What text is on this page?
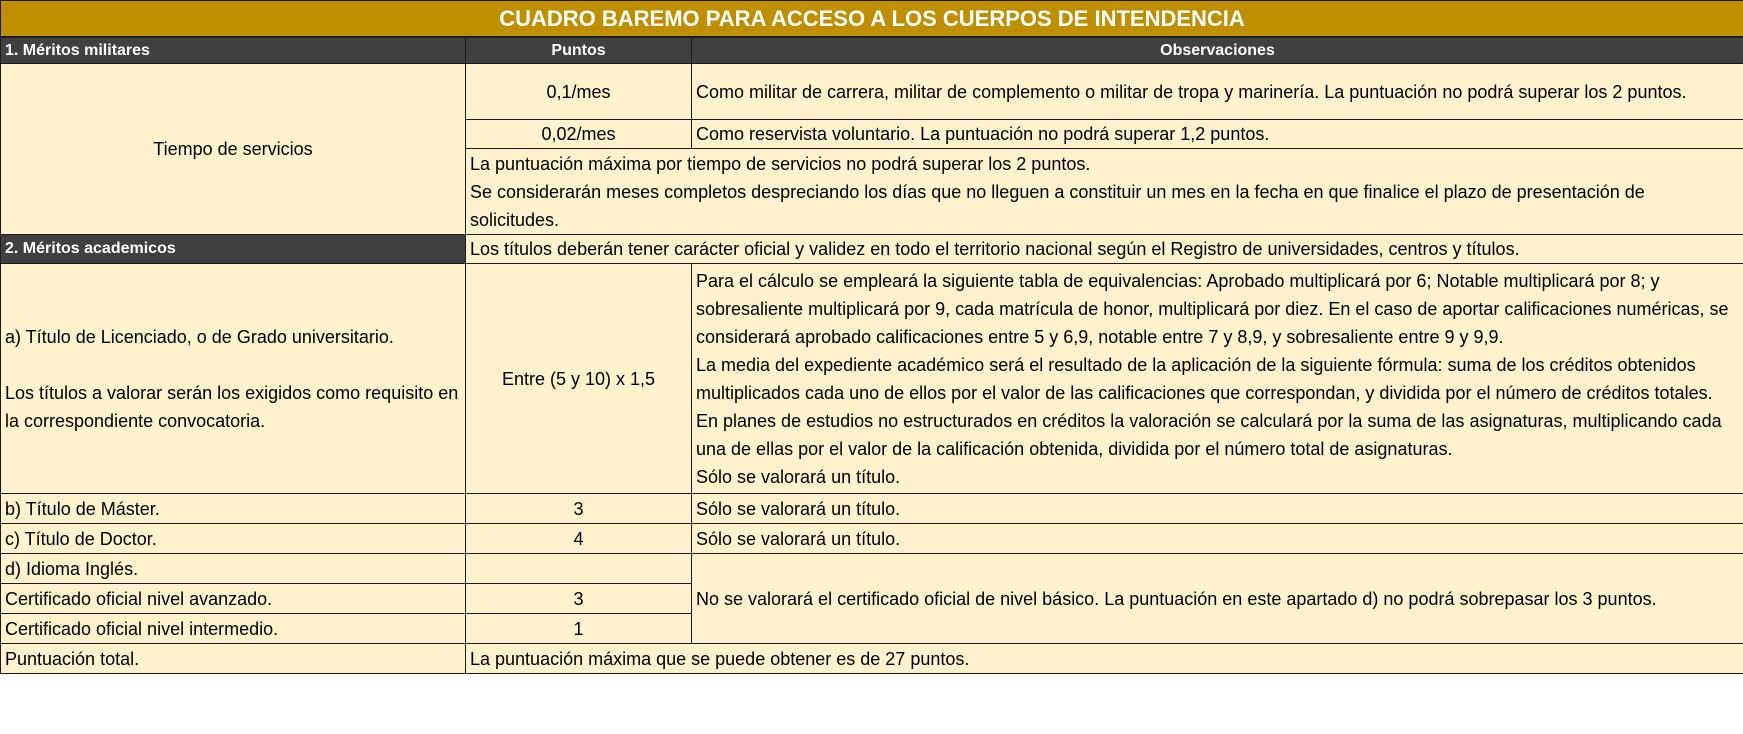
CUADRO BAREMO PARA ACCESO A LOS CUERPOS DE INTENDENCIA		
1. Méritos militares	Puntos	Observaciones
Tiempo de servicios	0,1/mes	Como militar de carrera, militar de complemento o militar de tropa y marinería. La puntuación no podrá superar los 2 puntos.
	0,02/mes	Como reservista voluntario. La puntuación no podrá superar 1,2 puntos.

	La puntuación máxima por tiempo de servicios no podrá superar los 2 puntos.
Se considerarán meses completos despreciando los días que no lleguen a constituir un mes en la fecha en que finalice el plazo de presentación de solicitudes.	

2. Méritos academicos	Los títulos deberán tener carácter oficial y validez en todo el territorio nacional según el Registro de universidades, centros y títulos.	

a) Título de Licenciado, o de Grado universitario.
Los títulos a valorar serán los exigidos como requisito en la correspondiente convocatoria.	Entre (5 y 10) x 1,5	Para el cálculo se empleará la siguiente tabla de equivalencias: Aprobado multiplicará por 6; Notable multiplicará por 8; y sobresaliente multiplicará por 9, cada matrícula de honor, multiplicará por diez. En el caso de aportar calificaciones numéricas, se considerará aprobado calificaciones entre 5 y 6,9, notable entre 7 y 8,9, y sobresaliente entre 9 y 9,9.
La media del expediente académico será el resultado de la aplicación de la siguiente fórmula: suma de los créditos obtenidos multiplicados cada uno de ellos por el valor de las calificaciones que correspondan, y dividida por el número de créditos totales.
En planes de estudios no estructurados en créditos la valoración se calculará por la suma de las asignaturas, multiplicando cada una de ellas por el valor de la calificación obtenida, dividida por el número total de asignaturas.
Sólo se valorará un título.

b) Título de Máster.	3	Sólo se valorará un título.
c) Título de Doctor.	4	Sólo se valorará un título.
d) Idioma Inglés.		No se valorará el certificado oficial de nivel básico. La puntuación en este apartado d) no podrá sobrepasar los 3 puntos.
Certificado oficial nivel avanzado.	3	
Certificado oficial nivel intermedio.	1	
Puntuación total.	La puntuación máxima que se puede obtener es de 27 puntos.	
